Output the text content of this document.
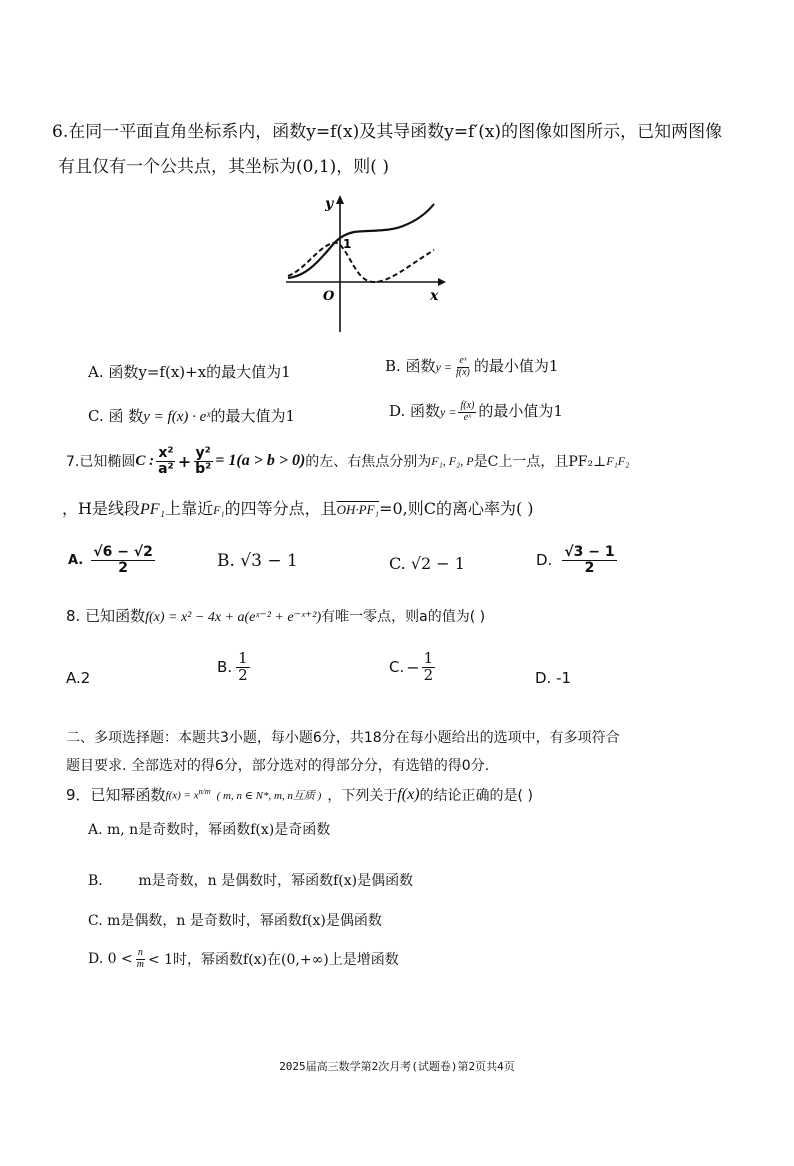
6.在同一平面直角坐标系内，函数y=f(x)及其导函数y=f′(x)的图像如图所示，已知两图像
有且仅有一个公共点，其坐标为(0,1)，则( )
y
x
O
1
A. 函数y=f(x)+x的最大值为1	B. 函数$y = \frac{\text{eˣ}}{f(x)}$ 的最小值为1
C. 函 数y = f(x) · eˣ的最大值为1	D. 函数$y = \frac{f(x)}{\text{eˣ}}$ 的最小值为1
7.已知椭圆 C : $\frac{\text{x²}}{\text{a²}} + \frac{\text{y²}}{\text{b²}} = 1(a > b > 0)$ 的左、右焦点分别为 F₁, F₂, P 是C上一点，且PF₂⊥ F₁F₂
，H是线段PF₁上靠近F₁的四等分点，且OH·PF₁=0,则C的离心率为( )
A. $\frac{√6 - √2}{2}$	B. √3 − 1	C. √2 − 1	D. $\frac{√3 - 1}{2}$
8. 已知函数f(x) = x² − 4x + a(eˣ⁻² + e⁻ˣ⁺²)有唯一零点，则a的值为( )
A.2
B. $\frac{1}{2}$	C. − $\frac{1}{2}$	D. -1
二、多项选择题：本题共3小题，每小题6分，共18分在每小题给出的选项中，有多项符合
题目要求. 全部选对的得6分，部分选对的得部分分，有选错的得0分.
9．已知幂函数 $f(x) = x^{n/m}$ ( m, n ∈ N*, m, n互质 ) ，下列关于 f(x) 的结论正确的是( )
A. m, n是奇数时，幂函数f(x)是奇函数
B.        m是奇数，n 是偶数时，幂函数f(x)是偶函数
C. m是偶数，n 是奇数时，幂函数f(x)是偶函数
D. $0 < \frac{n}{m} < 1$时，幂函数f(x)在(0,+∞)上是增函数
2025届高三数学第2次月考(试题卷)第2页共4页
